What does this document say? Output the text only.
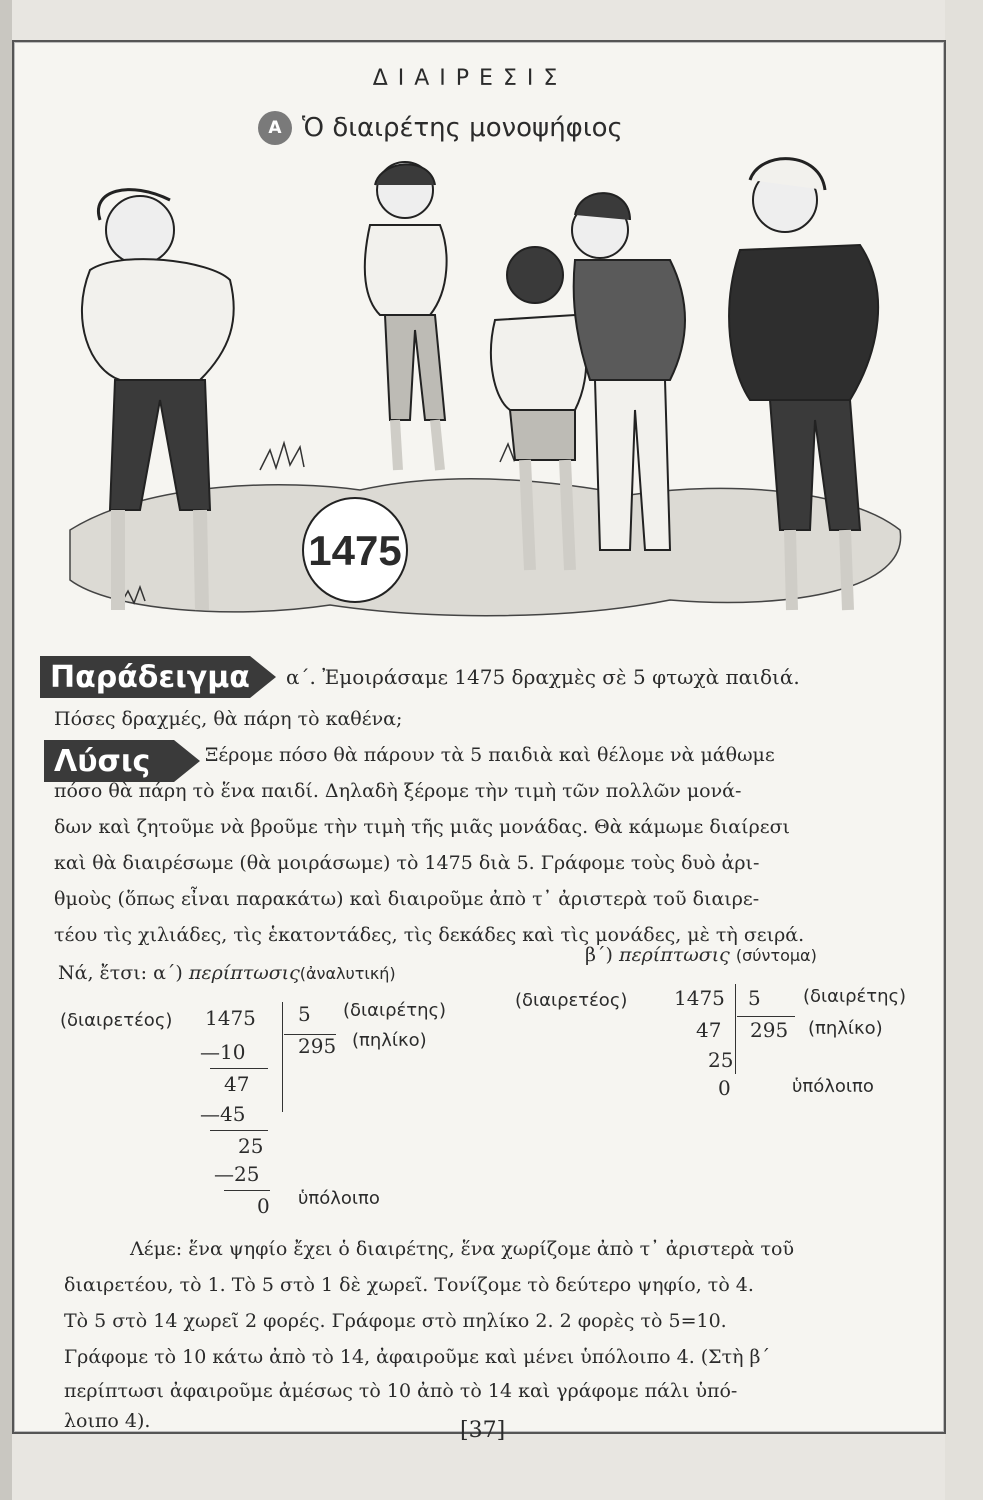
ΔΙΑΙΡΕΣΙΣ
Α Ὁ διαιρέτης μονοψήφιος
1475
Παράδειγμα α΄. Ἐμοιράσαμε 1475 δραχμὲς σὲ 5 φτωχὰ παιδιά.
Πόσες δραχμές, θὰ πάρη τὸ καθένα;
Λύσις	Ξέρομε πόσο θὰ πάρουν τὰ 5 παιδιὰ καὶ θέλομε νὰ μάθωμε
πόσο θὰ πάρη τὸ ἕνα παιδί. Δηλαδὴ ξέρομε τὴν τιμὴ τῶν πολλῶν μονά-
δων καὶ ζητοῦμε νὰ βροῦμε τὴν τιμὴ τῆς μιᾶς μονάδας. Θὰ κάμωμε διαίρεσι
καὶ θὰ διαιρέσωμε (θὰ μοιράσωμε) τὸ 1475 διὰ 5. Γράφομε τοὺς δυὸ ἀρι-
θμοὺς (ὅπως εἶναι παρακάτω) καὶ διαιροῦμε ἀπὸ τ᾿ ἀριστερὰ τοῦ διαιρε-
τέου τὶς χιλιάδες, τὶς ἑκατοντάδες, τὶς δεκάδες καὶ τὶς μονάδες, μὲ τὴ σειρά.
Νά, ἔτσι: α΄) περίπτωσις(ἀναλυτική)
β΄) περίπτωσις (σύντομα)
(διαιρετέος) 1475 5 (διαιρέτης)
295 (πηλίκο)
—10
47
—45
25
—25
0 ὑπόλοιπο
(διαιρετέος) 1475 5 (διαιρέτης)
295 (πηλίκο)
47
25
0	ὑπόλοιπο
Λέμε: ἕνα ψηφίο ἔχει ὁ διαιρέτης, ἕνα χωρίζομε ἀπὸ τ᾿ ἀριστερὰ τοῦ
διαιρετέου, τὸ 1. Τὸ 5 στὸ 1 δὲ χωρεῖ. Τονίζομε τὸ δεύτερο ψηφίο, τὸ 4.
Τὸ 5 στὸ 14 χωρεῖ 2 φορές. Γράφομε στὸ πηλίκο 2. 2 φορὲς τὸ 5=10.
Γράφομε τὸ 10 κάτω ἀπὸ τὸ 14, ἀφαιροῦμε καὶ μένει ὑπόλοιπο 4. (Στὴ β΄
περίπτωσι ἀφαιροῦμε ἀμέσως τὸ 10 ἀπὸ τὸ 14 καὶ γράφομε πάλι ὑπό-
λοιπο 4).	[37]
